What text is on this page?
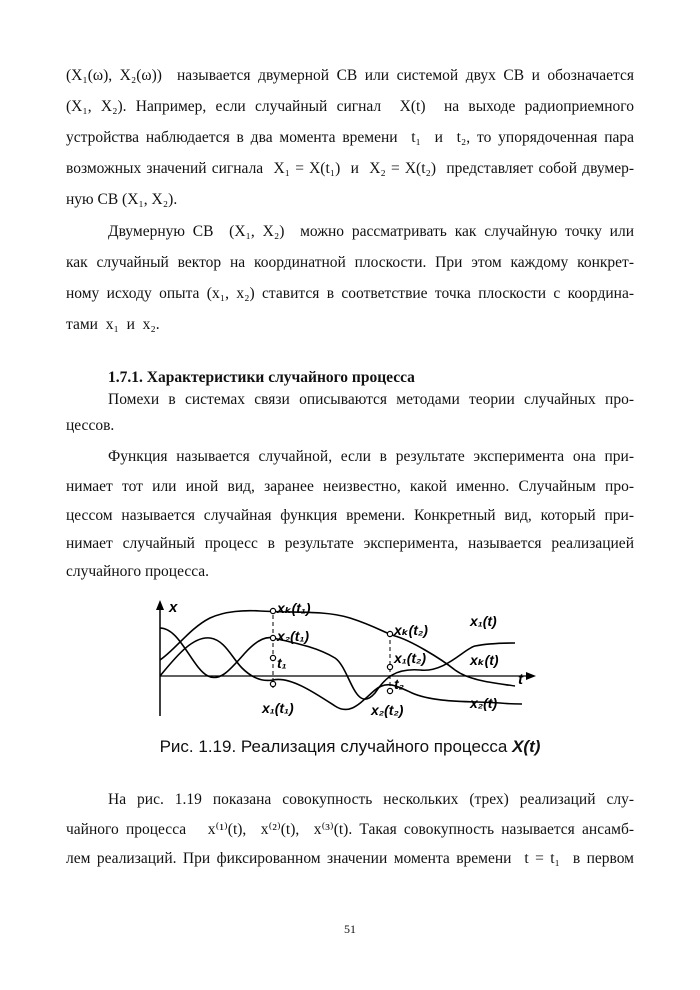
(X₁(ω), X₂(ω))  называется двумерной СВ или системой двух СВ и обозначается
(X₁, X₂). Например, если случайный сигнал  X(t)  на выходе радиоприемного
устройства наблюдается в два момента времени  t₁  и  t₂, то упорядоченная пара
возможных значений сигнала  X₁ = X(t₁)  и  X₂ = X(t₂)  представляет собой двумер-
ную СВ (X₁, X₂).
Двумерную СВ  (X₁, X₂)  можно рассматривать как случайную точку или
как случайный вектор на координатной плоскости. При этом каждому конкрет-
ному исходу опыта (x₁, x₂) ставится в соответствие точка плоскости с координа-
тами  x₁  и  x₂.
1.7.1. Характеристики случайного процесса
Помехи в системах связи описываются методами теории случайных про-
цессов.
Функция называется случайной, если в результате эксперимента она при-
нимает тот или иной вид, заранее неизвестно, какой именно. Случайным про-
цессом называется случайная функция времени. Конкретный вид, который при-
нимает случайный процесс в результате эксперимента, называется реализацией
случайного процесса.
x
t
xₖ(t₁)
x₂(t₁)
t₁
x₁(t₁)
xₖ(t₂)
x₁(t₂)
t₂
x₂(t₂)
x₁(t)
xₖ(t)
x₂(t)
Рис. 1.19. Реализация случайного процесса X(t)
На рис. 1.19 показана совокупность нескольких (трех) реализаций слу-
чайного процесса   x⁽¹⁾(t),  x⁽²⁾(t),  x⁽³⁾(t). Такая совокупность называется ансамб-
лем реализаций. При фиксированном значении момента времени  t = t₁  в первом
51
